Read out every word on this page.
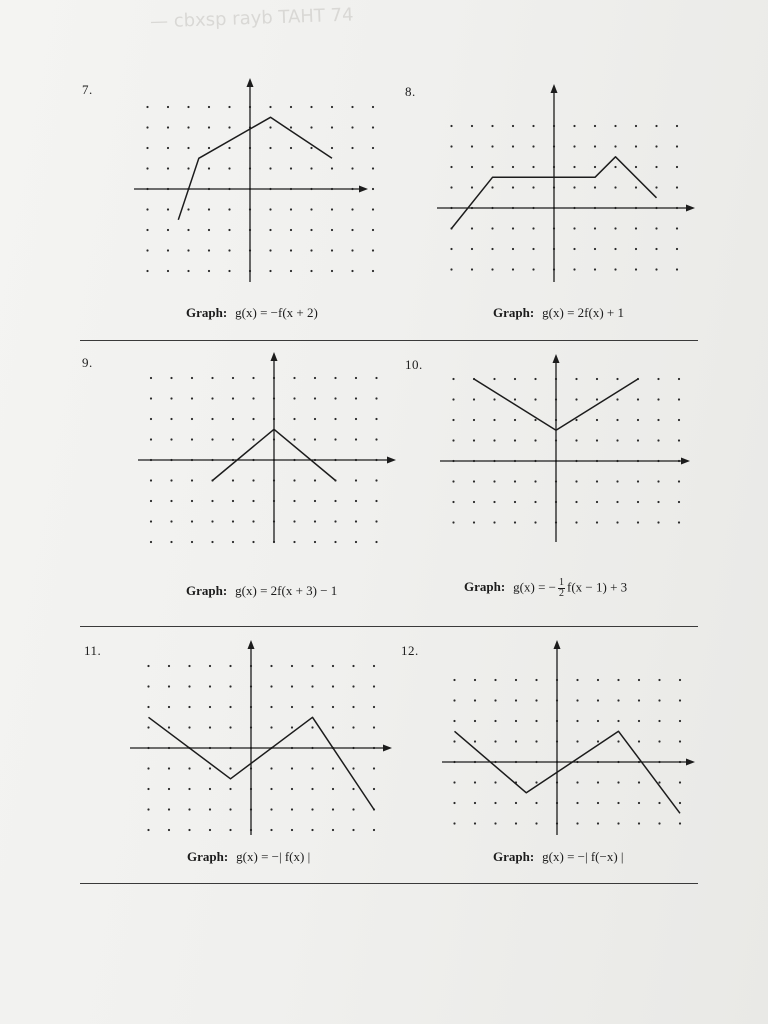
— cbxsp rayb TAHT 74
7.
Graph: g(x) = −f(x + 2)
8.
Graph: g(x) = 2f(x) + 1
9.
Graph: g(x) = 2f(x + 3) − 1
10.
Graph: g(x) = − $\frac{1}{2} f(x - 1) + 3$
11.
Graph: g(x) = −| f(x) |
12.
Graph: g(x) = −| f(−x) |
